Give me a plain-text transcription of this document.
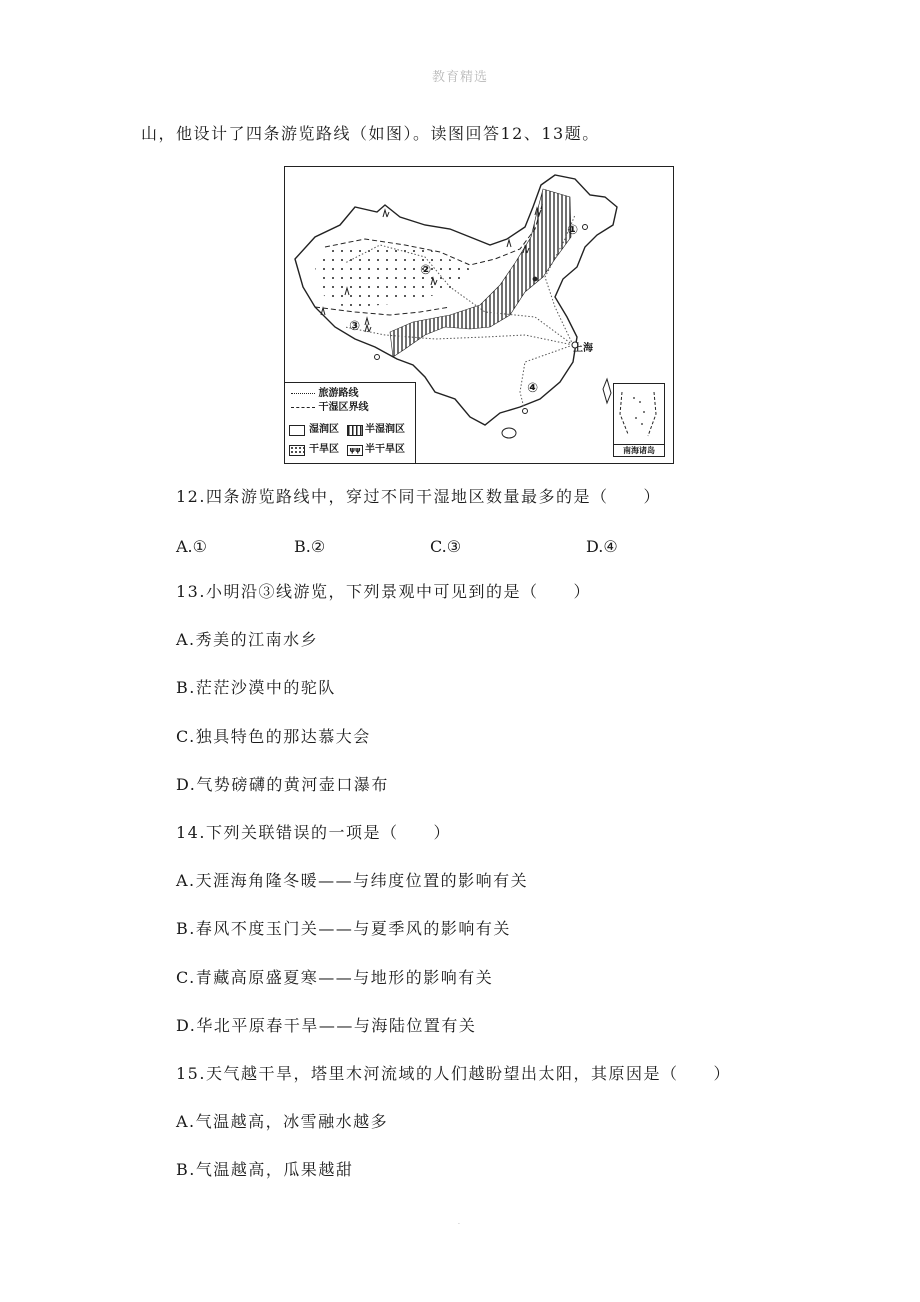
教育精选
山，他设计了四条游览路线（如图）。读图回答12、13题。
①
②
③
④
上海
旅游路线
干湿区界线
湿润区	半湿润区
干旱区	ψψ 半干旱区	南海诸岛
12.四条游览路线中，穿过不同干湿地区数量最多的是（　　）
A.①	B.②	C.③	D.④
13.小明沿③线游览，下列景观中可见到的是（　　）
A.秀美的江南水乡
B.茫茫沙漠中的驼队
C.独具特色的那达慕大会
D.气势磅礴的黄河壶口瀑布
14.下列关联错误的一项是（　　）
A.天涯海角隆冬暖——与纬度位置的影响有关
B.春风不度玉门关——与夏季风的影响有关
C.青藏高原盛夏寒——与地形的影响有关
D.华北平原春干旱——与海陆位置有关
15.天气越干旱，塔里木河流域的人们越盼望出太阳，其原因是（　　）
A.气温越高，冰雪融水越多
B.气温越高，瓜果越甜
.
